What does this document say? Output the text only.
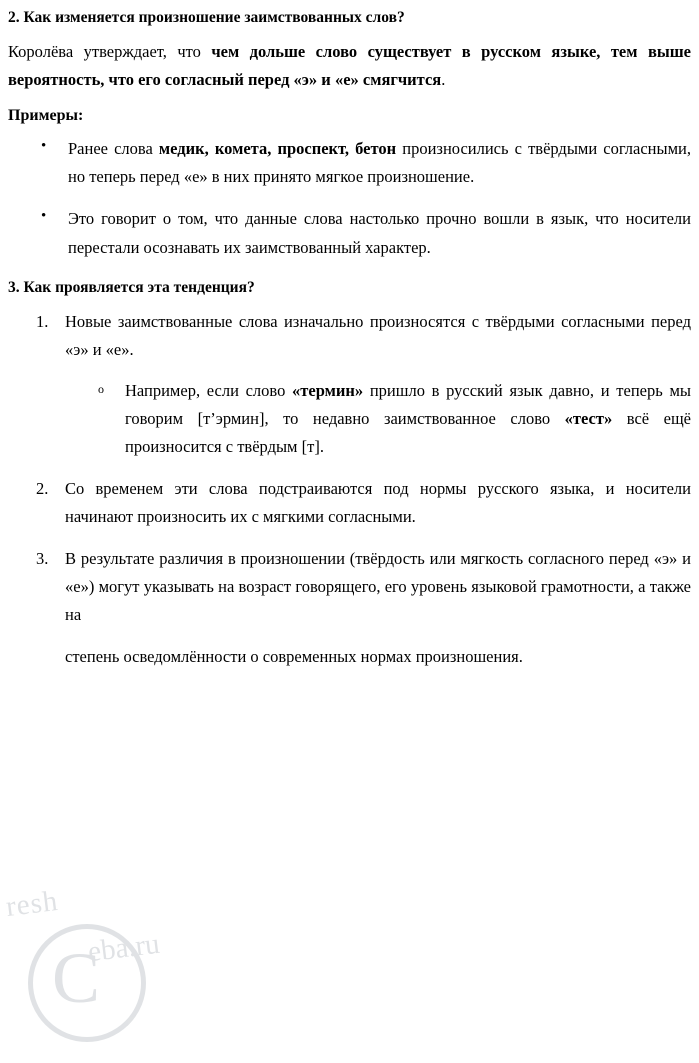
2. Как изменяется произношение заимствованных слов?

Королёва утверждает, что чем дольше слово существует в русском языке, тем выше вероятность, что его согласный перед «э» и «е» смягчится.

Примеры:

• Ранее слова медик, комета, проспект, бетон произносились с твёрдыми согласными, но теперь перед «е» в них принято мягкое произношение.
• Это говорит о том, что данные слова настолько прочно вошли в язык, что носители перестали осознавать их заимствованный характер.
3. Как проявляется эта тенденция?
Новые заимствованные слова изначально произносятся с твёрдыми согласными перед «э» и «е».
o Например, если слово «термин» пришло в русский язык давно, и теперь мы говорим [т’эрмин], то недавно заимствованное слово «тест» всё ещё произносится с твёрдым [т].
Со временем эти слова подстраиваются под нормы русского языка, и носители начинают произносить их с мягкими согласными.
В результате различия в произношении (твёрдость или мягкость согласного перед «э» и «е») могут указывать на возраст говорящего, его уровень языковой грамотности, а также на

степень осведомлённости о современных нормах произношения.

resh
eba.ru
C
